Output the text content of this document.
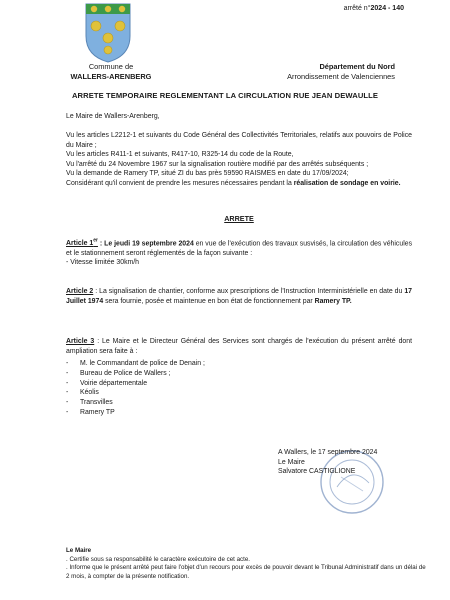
arrêté n°2024 - 140
Commune de
WALLERS-ARENBERG
Département du Nord
Arrondissement de Valenciennes
ARRETE TEMPORAIRE REGLEMENTANT LA CIRCULATION RUE JEAN DEWAULLE
Le Maire de Wallers-Arenberg,
Vu les articles L2212-1 et suivants du Code Général des Collectivités Territoriales, relatifs aux pouvoirs de Police du Maire ;
Vu les articles R411-1 et suivants, R417-10, R325-14 du code de la Route,
Vu l'arrêté du 24 Novembre 1967 sur la signalisation routière modifié par des arrêtés subséquents ;
Vu la demande de Ramery TP, situé ZI du bas près 59590 RAISMES en date du 17/09/2024;
Considérant qu'il convient de prendre les mesures nécessaires pendant la réalisation de sondage en voirie.
ARRETE
Article 1er : Le jeudi 19 septembre 2024 en vue de l'exécution des travaux susvisés, la circulation des véhicules et le stationnement seront réglementés de la façon suivante :
- Vitesse limitée 30km/h
Article 2 : La signalisation de chantier, conforme aux prescriptions de l'Instruction Interministérielle en date du 17 Juillet 1974 sera fournie, posée et maintenue en bon état de fonctionnement par Ramery TP.
Article 3 : Le Maire et le Directeur Général des Services sont chargés de l'exécution du présent arrêté dont ampliation sera faite à :
- M. le Commandant de police de Denain ;
- Bureau de Police de Wallers ;
- Voirie départementale
- Kéolis
- Transvilles
- Ramery TP
A Wallers, le 17 septembre 2024
Le Maire
Salvatore CASTIGLIONE
Le Maire
. Certifie sous sa responsabilité le caractère exécutoire de cet acte.
. Informe que le présent arrêté peut faire l'objet d'un recours pour excès de pouvoir devant le Tribunal Administratif dans un délai de 2 mois, à compter de la présente notification.
